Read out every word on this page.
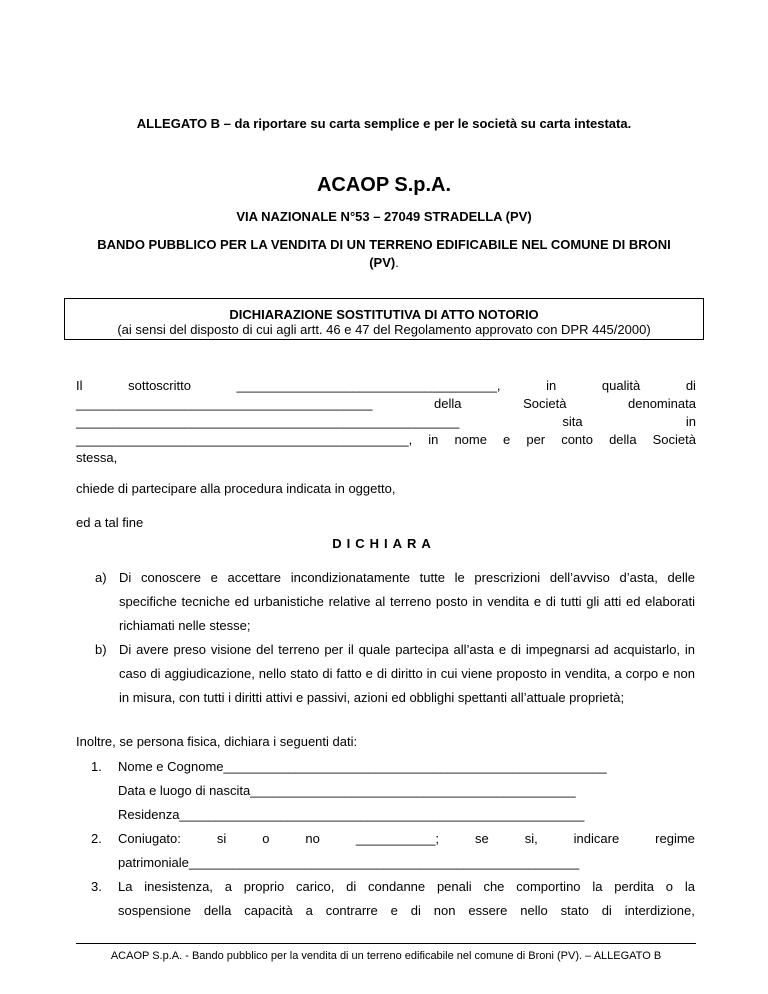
ALLEGATO B – da riportare su carta semplice e per le società su carta intestata.
ACAOP S.p.A.
VIA NAZIONALE N°53 – 27049 STRADELLA (PV)
BANDO PUBBLICO PER LA VENDITA DI UN TERRENO EDIFICABILE NEL COMUNE DI BRONI (PV).
DICHIARAZIONE SOSTITUTIVA DI ATTO NOTORIO
(ai sensi del disposto di cui agli artt. 46 e 47 del Regolamento approvato con DPR 445/2000)
Il	sottoscritto	____________________________________,	in	qualità	di
_________________________________________	della	Società	denominata
_____________________________________________________	sita	in
______________________________________________, in nome e per conto della Società
stessa,
chiede di partecipare alla procedura indicata in oggetto,
ed a tal fine
DICHIARA
a) Di conoscere e accettare incondizionatamente tutte le prescrizioni dell’avviso d’asta, delle specifiche tecniche ed urbanistiche relative al terreno posto in vendita e di tutti gli atti ed elaborati richiamati nelle stesse;
b) Di avere preso visione del terreno per il quale partecipa all’asta e di impegnarsi ad acquistarlo, in caso di aggiudicazione, nello stato di fatto e di diritto in cui viene proposto in vendita, a corpo e non in misura, con tutti i diritti attivi e passivi, azioni ed obblighi spettanti all’attuale proprietà;
Inoltre, se persona fisica, dichiara i seguenti dati:
1.	Nome e Cognome_____________________________________________________
Data e luogo di nascita_____________________________________________
Residenza________________________________________________________
2.	Coniugato:	si	o	no	___________;	se	si,	indicare	regime
patrimoniale______________________________________________________
3.	La inesistenza, a proprio carico, di condanne penali che comportino la perdita o la
sospensione della capacità a contrarre e di non essere nello stato di interdizione,
ACAOP S.p.A. - Bando pubblico per la vendita di un terreno edificabile nel comune di Broni (PV). – ALLEGATO B
